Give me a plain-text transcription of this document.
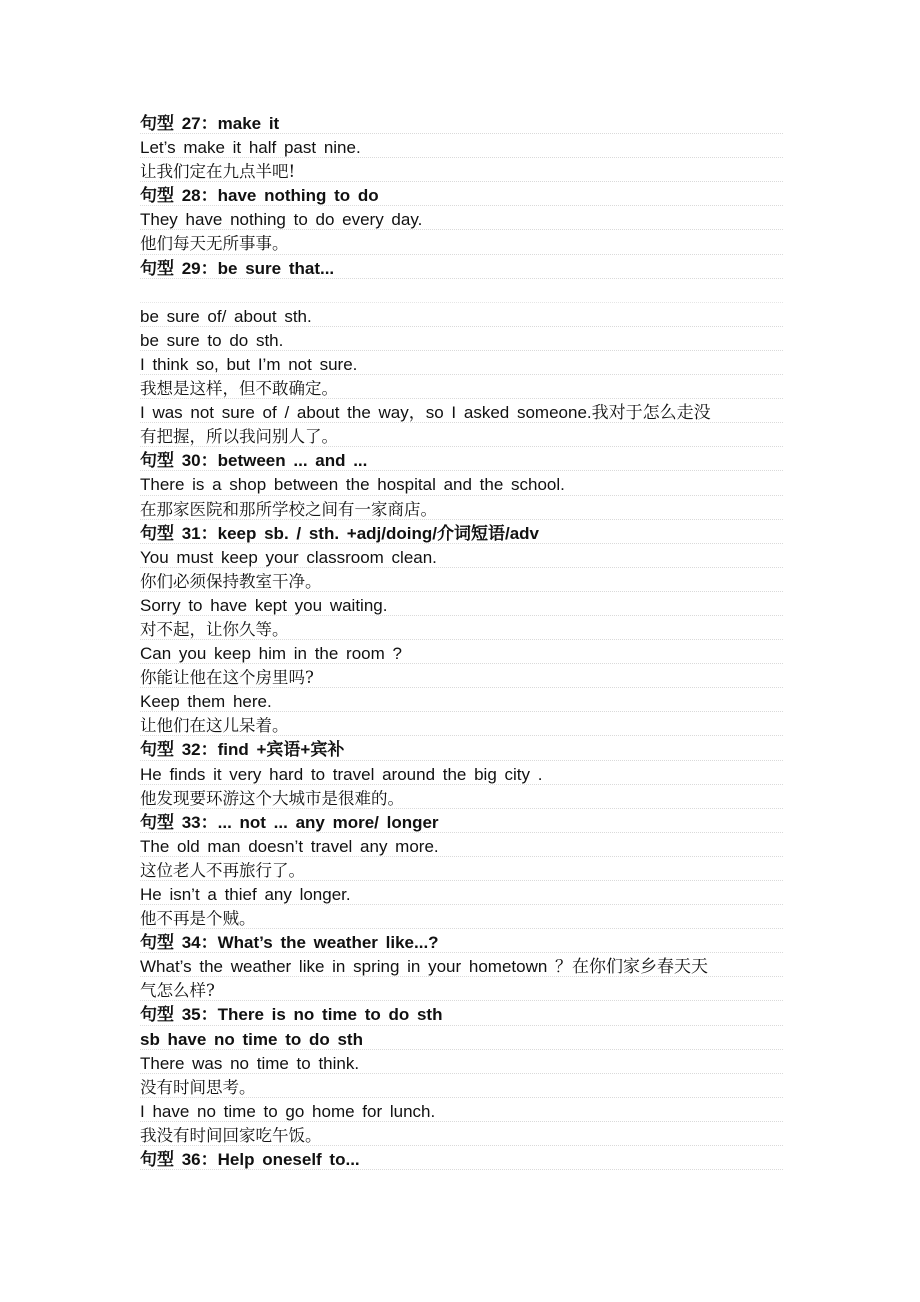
句型 27：make it
Let’s make it half past nine.
让我们定在九点半吧!
句型 28：have nothing to do
They have nothing to do every day.
他们每天无所事事。
句型 29：be sure that...
be sure of/ about sth.
be sure to do sth.
I think so, but I’m not sure.
我想是这样，但不敢确定。
I was not sure of / about the way，so I asked someone.我对于怎么走没
有把握，所以我问别人了。
句型 30：between ... and ...
There is a shop between the hospital and the school.
在那家医院和那所学校之间有一家商店。
句型 31：keep sb. / sth. +adj/doing/介词短语/adv
You must keep your classroom clean.
你们必须保持教室干净。
Sorry to have kept you waiting.
对不起，让你久等。
Can you keep him in the room ?
你能让他在这个房里吗?
Keep them here.
让他们在这儿呆着。
句型 32：find +宾语+宾补
He finds it very hard to travel around the big city .
他发现要环游这个大城市是很难的。
句型 33：... not ... any more/ longer
The old man doesn’t travel any more.
这位老人不再旅行了。
He isn’t a thief any longer.
他不再是个贼。
句型 34：What’s the weather like...?
What’s the weather like in spring in your hometown ？在你们家乡春天天
气怎么样?
句型 35：There is no time to do sth
sb have no time to do sth
There was no time to think.
没有时间思考。
I have no time to go home for lunch.
我没有时间回家吃午饭。
句型 36：Help oneself to...
